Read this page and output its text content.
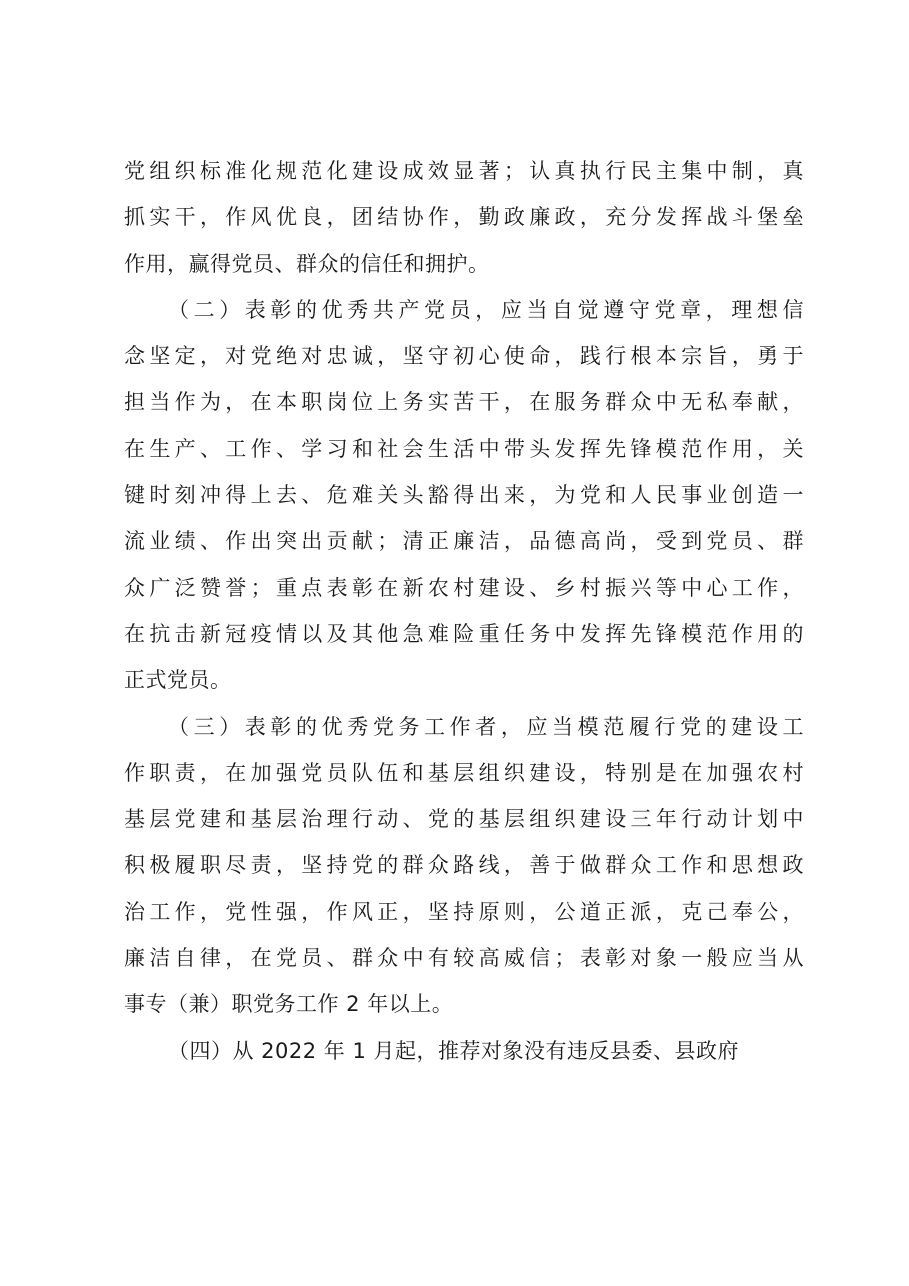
党组织标准化规范化建设成效显著；认真执行民主集中制，真
抓实干，作风优良，团结协作，勤政廉政，充分发挥战斗堡垒
作用，赢得党员、群众的信任和拥护。

（二）表彰的优秀共产党员，应当自觉遵守党章，理想信
念坚定，对党绝对忠诚，坚守初心使命，践行根本宗旨，勇于
担当作为，在本职岗位上务实苦干，在服务群众中无私奉献，
在生产、工作、学习和社会生活中带头发挥先锋模范作用，关
键时刻冲得上去、危难关头豁得出来，为党和人民事业创造一
流业绩、作出突出贡献；清正廉洁，品德高尚，受到党员、群
众广泛赞誉；重点表彰在新农村建设、乡村振兴等中心工作，
在抗击新冠疫情以及其他急难险重任务中发挥先锋模范作用的
正式党员。

（三）表彰的优秀党务工作者，应当模范履行党的建设工
作职责，在加强党员队伍和基层组织建设，特别是在加强农村
基层党建和基层治理行动、党的基层组织建设三年行动计划中
积极履职尽责，坚持党的群众路线，善于做群众工作和思想政
治工作，党性强，作风正，坚持原则，公道正派，克己奉公，
廉洁自律，在党员、群众中有较高威信；表彰对象一般应当从
事专（兼）职党务工作 2 年以上。

（四）从 2022 年 1 月起，推荐对象没有违反县委、县政府
